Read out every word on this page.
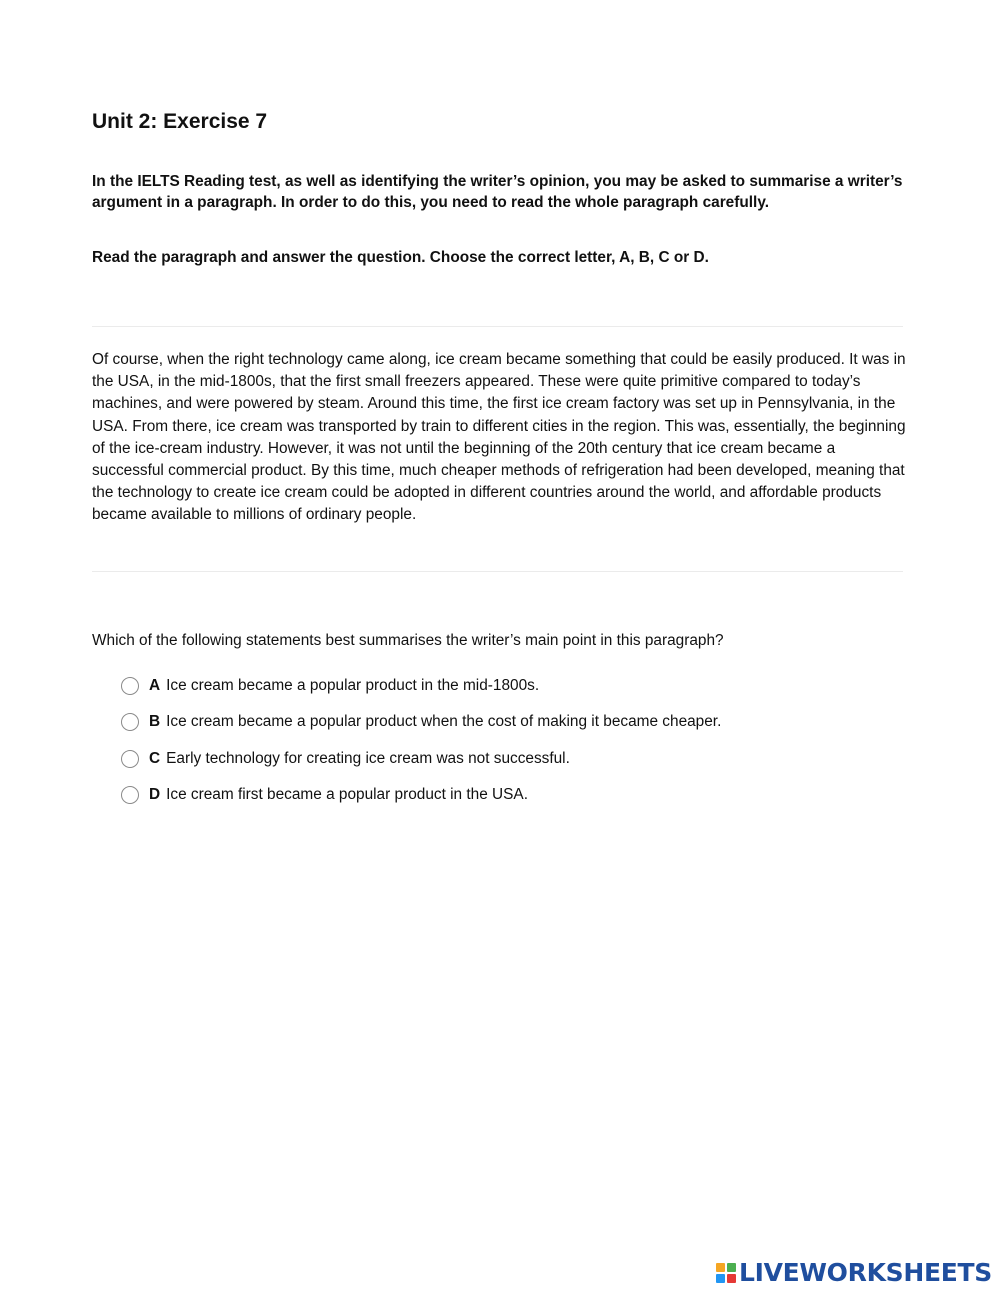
Unit 2: Exercise 7

In the IELTS Reading test, as well as identifying the writer’s opinion, you may be asked to summarise a writer’s argument in a paragraph. In order to do this, you need to read the whole paragraph carefully.

Read the paragraph and answer the question. Choose the correct letter, A, B, C or D.

Of course, when the right technology came along, ice cream became something that could be easily produced. It was in the USA, in the mid-1800s, that the first small freezers appeared. These were quite primitive compared to today’s machines, and were powered by steam. Around this time, the first ice cream factory was set up in Pennsylvania, in the USA. From there, ice cream was transported by train to different cities in the region. This was, essentially, the beginning of the ice-cream industry. However, it was not until the beginning of the 20th century that ice cream became a successful commercial product. By this time, much cheaper methods of refrigeration had been developed, meaning that the technology to create ice cream could be adopted in different countries around the world, and affordable products became available to millions of ordinary people.

Which of the following statements best summarises the writer’s main point in this paragraph?

A Ice cream became a popular product in the mid-1800s.
B Ice cream became a popular product when the cost of making it became cheaper.
C Early technology for creating ice cream was not successful.
D Ice cream first became a popular product in the USA.
LIVEWORKSHEETS
